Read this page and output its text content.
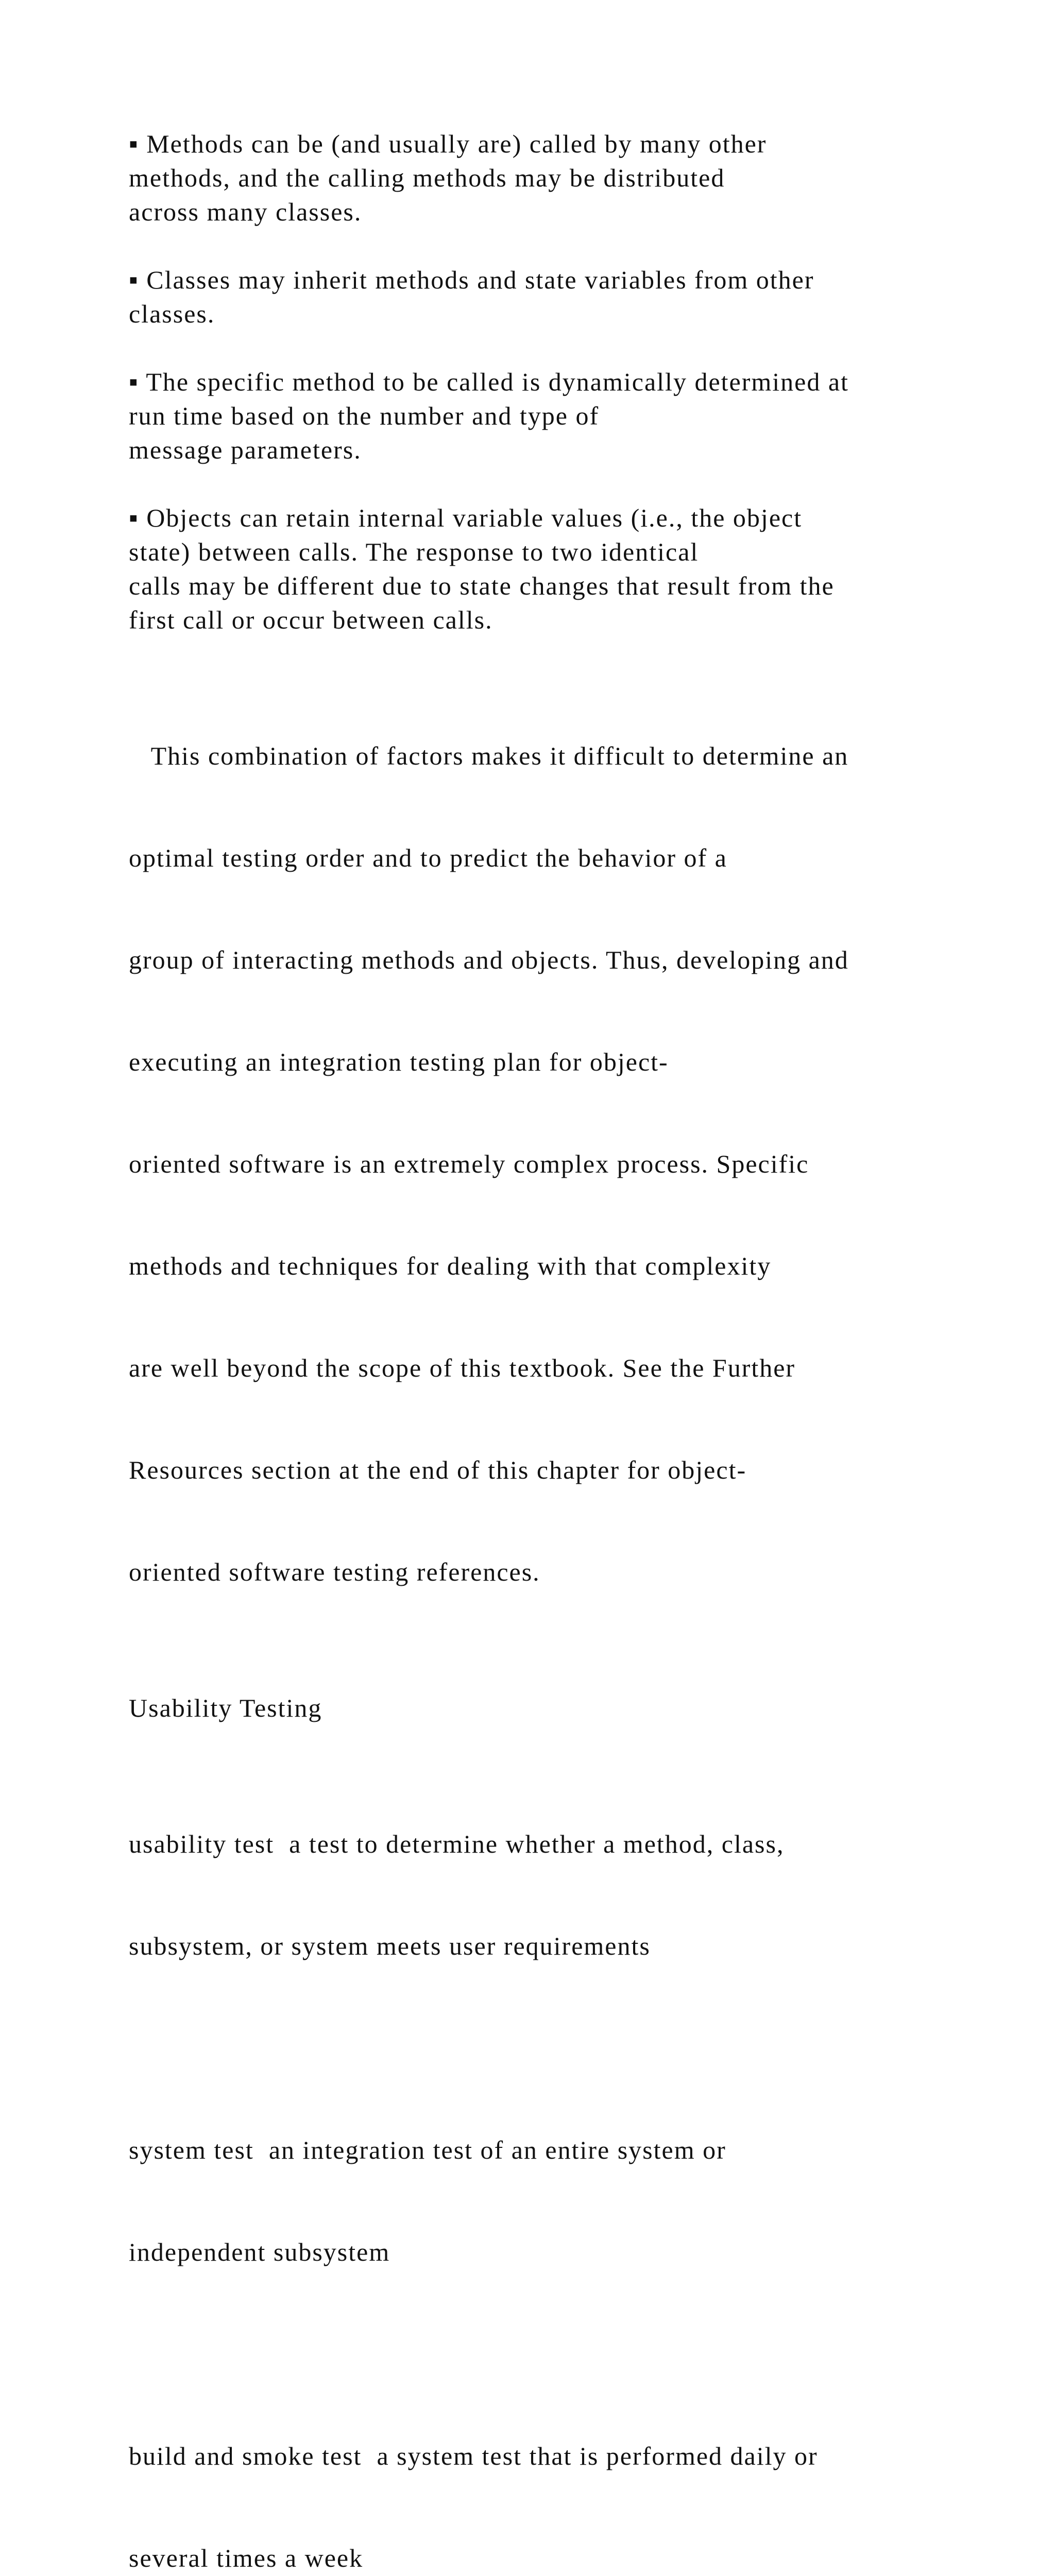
▪ Methods can be (and usually are) called by many other
methods, and the calling methods may be distributed
across many classes.
▪ Classes may inherit methods and state variables from other
classes.
▪ The specific method to be called is dynamically determined at
run time based on the number and type of
message parameters.
▪ Objects can retain internal variable values (i.e., the object
state) between calls. The response to two identical
calls may be different due to state changes that result from the
first call or occur between calls.

This combination of factors makes it difficult to determine an

optimal testing order and to predict the behavior of a

group of interacting methods and objects. Thus, developing and

executing an integration testing plan for object-

oriented software is an extremely complex process. Specific

methods and techniques for dealing with that complexity

are well beyond the scope of this textbook. See the Further

Resources section at the end of this chapter for object-

oriented software testing references.

Usability Testing

usability test  a test to determine whether a method, class,

subsystem, or system meets user requirements

system test  an integration test of an entire system or

independent subsystem

build and smoke test  a system test that is performed daily or

several times a week
